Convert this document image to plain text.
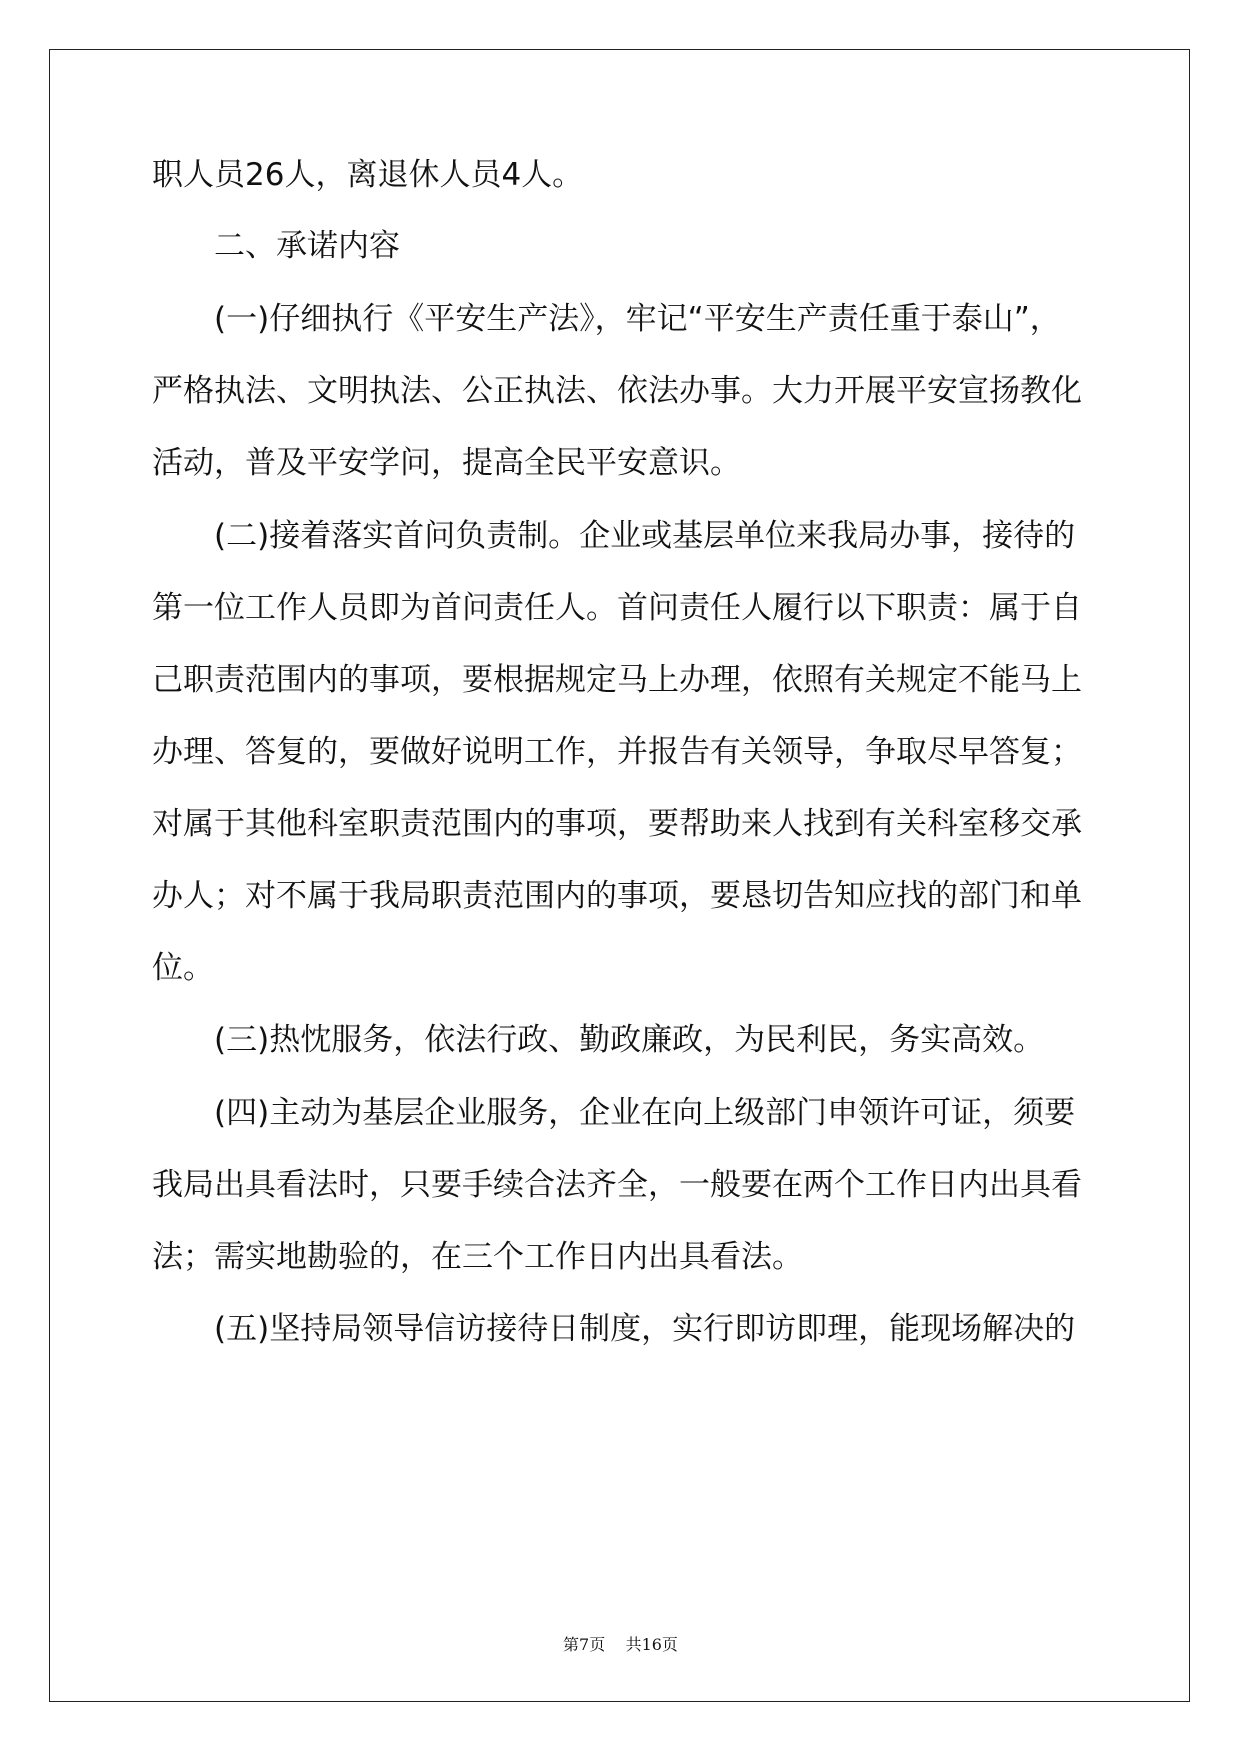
职人员26人，离退休人员4人。

二、承诺内容

(一)仔细执行《平安生产法》，牢记“平安生产责任重于泰山”，

严格执法、文明执法、公正执法、依法办事。大力开展平安宣扬教化

活动，普及平安学问，提高全民平安意识。

(二)接着落实首问负责制。企业或基层单位来我局办事，接待的

第一位工作人员即为首问责任人。首问责任人履行以下职责：属于自

己职责范围内的事项，要根据规定马上办理，依照有关规定不能马上

办理、答复的，要做好说明工作，并报告有关领导，争取尽早答复；

对属于其他科室职责范围内的事项，要帮助来人找到有关科室移交承

办人；对不属于我局职责范围内的事项，要恳切告知应找的部门和单

位。

(三)热忱服务，依法行政、勤政廉政，为民利民，务实高效。

(四)主动为基层企业服务，企业在向上级部门申领许可证，须要

我局出具看法时，只要手续合法齐全，一般要在两个工作日内出具看

法；需实地勘验的，在三个工作日内出具看法。

(五)坚持局领导信访接待日制度，实行即访即理，能现场解决的

第7页    共16页
